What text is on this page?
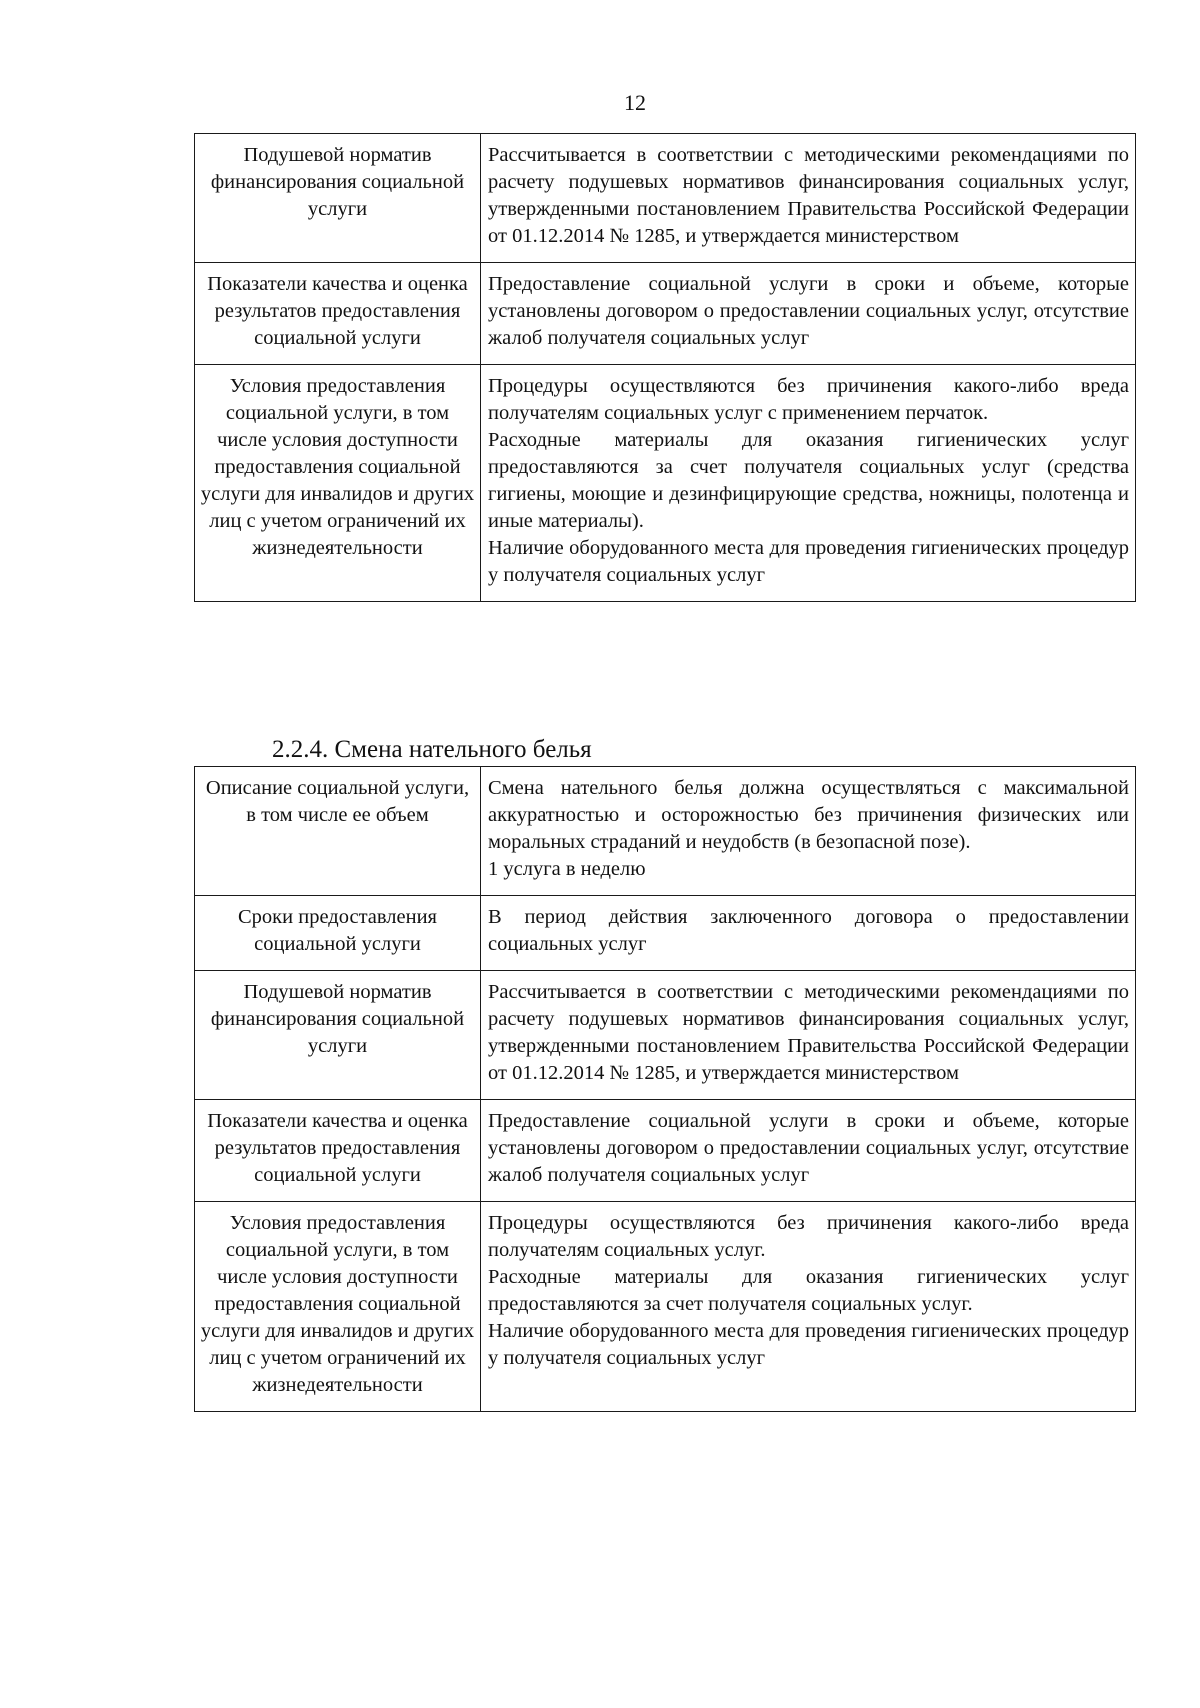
12
Подушевой норматив финансирования социальной услуги	Рассчитывается в соответствии с методическими рекомендациями по расчету подушевых нормативов финансирования социальных услуг, утвержденными постановлением Правительства Российской Федерации от 01.12.2014 № 1285, и утверждается министерством

Показатели качества и оценка результатов предоставления социальной услуги	Предоставление социальной услуги в сроки и объеме, которые установлены договором о предоставлении социальных услуг, отсутствие жалоб получателя социальных услуг

Условия предоставления социальной услуги, в том числе условия доступности предоставления социальной услуги для инвалидов и других лиц с учетом ограничений их жизнедеятельности	Процедуры осуществляются без причинения какого-либо вреда получателям социальных услуг с применением перчаток.

Расходные материалы для оказания гигиенических услуг предоставляются за счет получателя социальных услуг (средства гигиены, моющие и дезинфицирующие средства, ножницы, полотенца и иные материалы).

Наличие оборудованного места для проведения гигиенических процедур у получателя социальных услуг

2.2.4. Смена нательного белья
Описание социальной услуги, в том числе ее объем	Смена нательного белья должна осуществляться с максимальной аккуратностью и осторожностью без причинения физических или моральных страданий и неудобств (в безопасной позе).

1 услуга в неделю

Сроки предоставления социальной услуги	В период действия заключенного договора о предоставлении социальных услуг

Подушевой норматив финансирования социальной услуги	Рассчитывается в соответствии с методическими рекомендациями по расчету подушевых нормативов финансирования социальных услуг, утвержденными постановлением Правительства Российской Федерации от 01.12.2014 № 1285, и утверждается министерством

Показатели качества и оценка результатов предоставления социальной услуги	Предоставление социальной услуги в сроки и объеме, которые установлены договором о предоставлении социальных услуг, отсутствие жалоб получателя социальных услуг

Условия предоставления социальной услуги, в том числе условия доступности предоставления социальной услуги для инвалидов и других лиц с учетом ограничений их жизнедеятельности	Процедуры осуществляются без причинения какого-либо вреда получателям социальных услуг.

Расходные материалы для оказания гигиенических услуг предоставляются за счет получателя социальных услуг.

Наличие оборудованного места для проведения гигиенических процедур у получателя социальных услуг
